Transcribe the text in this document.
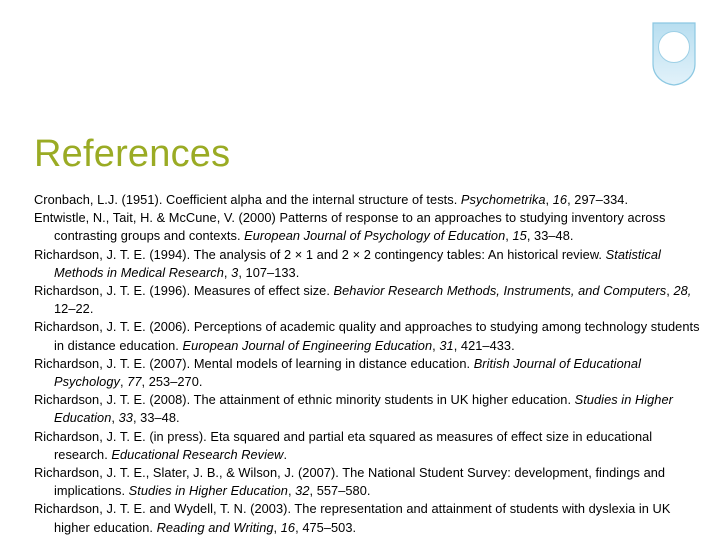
References
Cronbach, L.J. (1951). Coefficient alpha and the internal structure of tests. Psychometrika, 16, 297–334.
Entwistle, N., Tait, H. & McCune, V. (2000) Patterns of response to an approaches to studying inventory across contrasting groups and contexts. European Journal of Psychology of Education, 15, 33–48.
Richardson, J. T. E. (1994). The analysis of 2 × 1 and 2 × 2 contingency tables: An historical review. Statistical Methods in Medical Research, 3, 107–133.
Richardson, J. T. E. (1996). Measures of effect size. Behavior Research Methods, Instruments, and Computers, 28, 12–22.
Richardson, J. T. E. (2006). Perceptions of academic quality and approaches to studying among technology students in distance education. European Journal of Engineering Education, 31, 421–433.
Richardson, J. T. E. (2007). Mental models of learning in distance education. British Journal of Educational Psychology, 77, 253–270.
Richardson, J. T. E. (2008). The attainment of ethnic minority students in UK higher education. Studies in Higher Education, 33, 33–48.
Richardson, J. T. E. (in press). Eta squared and partial eta squared as measures of effect size in educational research. Educational Research Review.
Richardson, J. T. E., Slater, J. B., & Wilson, J. (2007). The National Student Survey: development, findings and implications. Studies in Higher Education, 32, 557–580.
Richardson, J. T. E. and Wydell, T. N. (2003). The representation and attainment of students with dyslexia in UK higher education. Reading and Writing, 16, 475–503.
